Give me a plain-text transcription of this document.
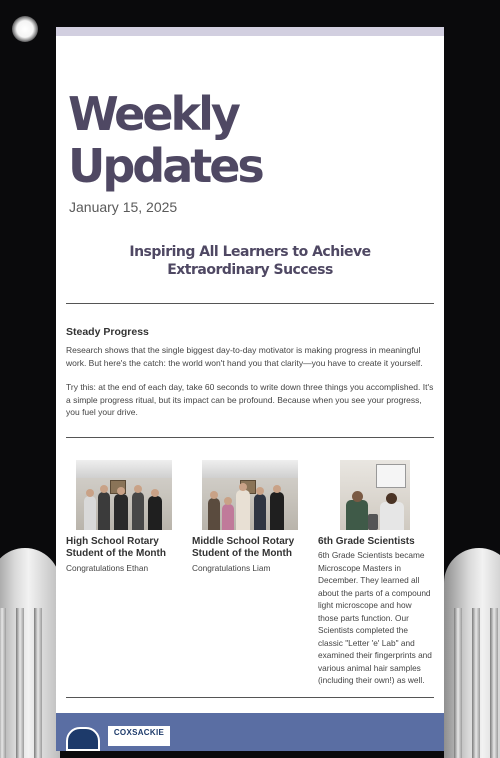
Weekly Updates
January 15, 2025
Inspiring All Learners to Achieve Extraordinary Success
Steady Progress

Research shows that the single biggest day-to-day motivator is making progress in meaningful work. But here's the catch: the world won't hand you that clarity—you have to create it yourself.

Try this: at the end of each day, take 60 seconds to write down three things you accomplished. It's a simple progress ritual, but its impact can be profound. Because when you see your progress, you fuel your drive.

High School Rotary Student of the Month
Congratulations Ethan
Middle School Rotary Student of the Month
Congratulations Liam
6th Grade Scientists
6th Grade Scientists became Microscope Masters in December. They learned all about the parts of a compound light microscope and how those parts function. Our Scientists completed the classic "Letter 'e' Lab" and examined their fingerprints and various animal hair samples (including their own!) as well.
COXSACKIE
